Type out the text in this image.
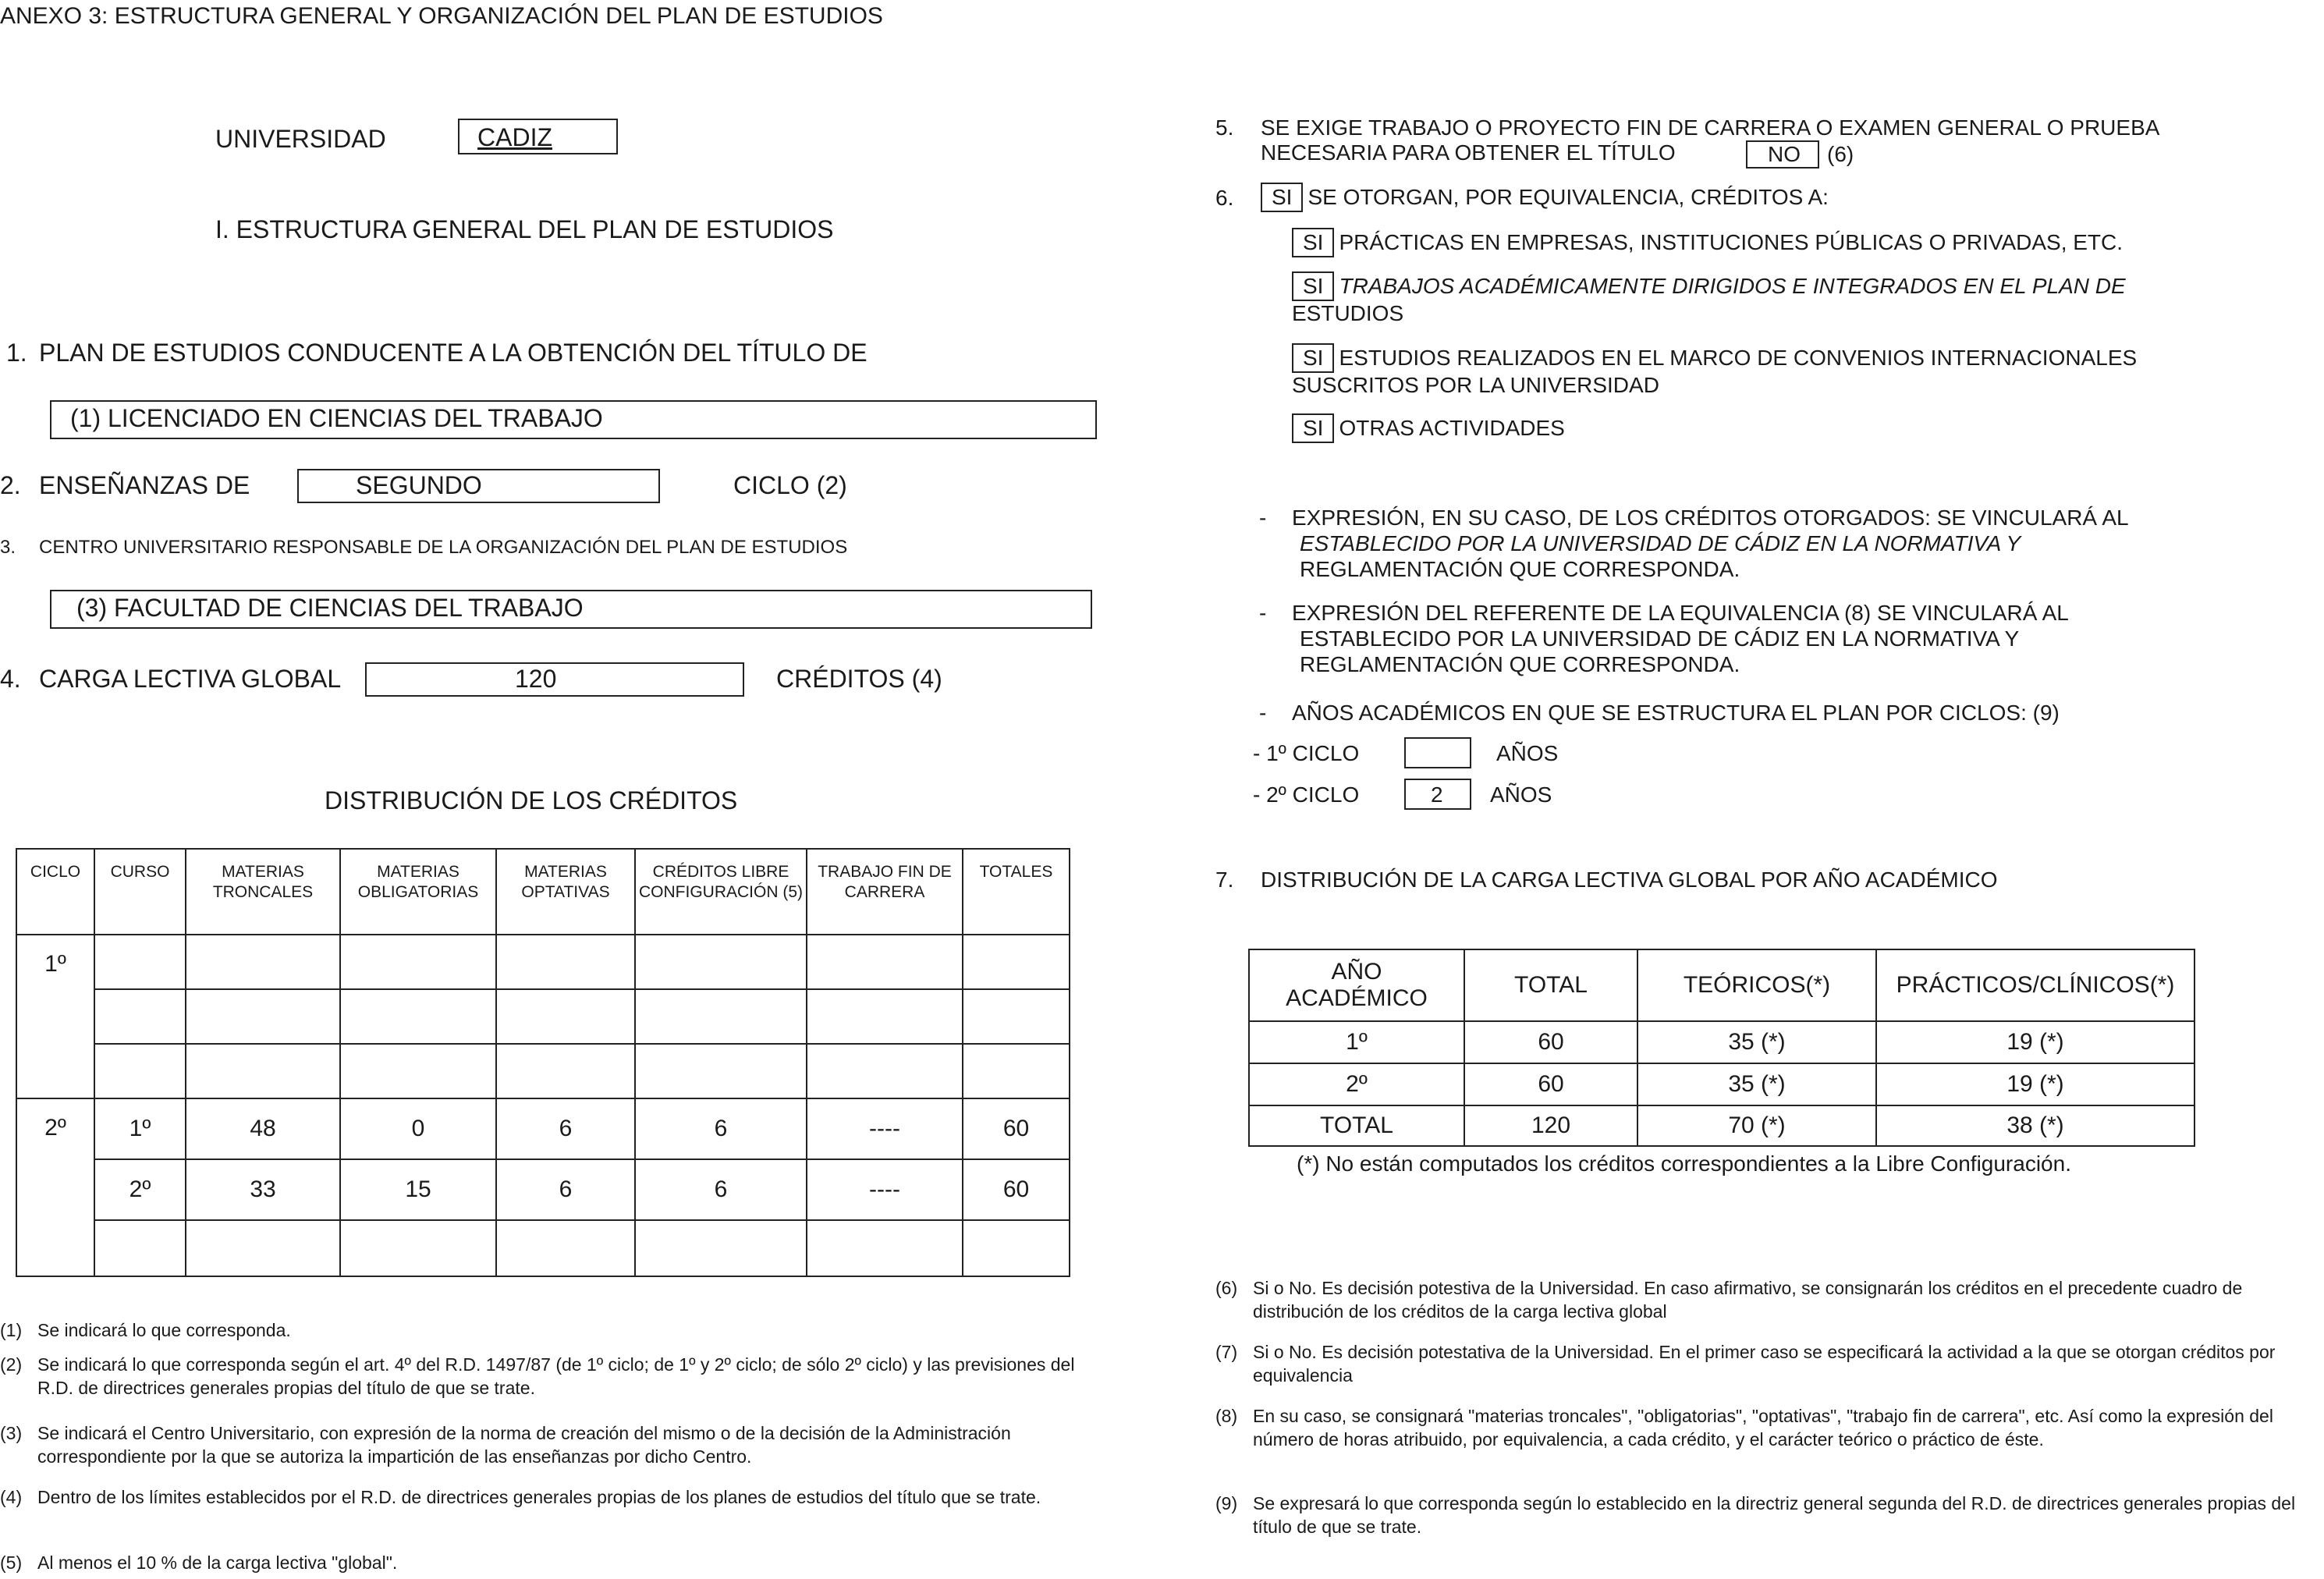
ANEXO 3: ESTRUCTURA GENERAL Y ORGANIZACIÓN DEL PLAN DE ESTUDIOS
UNIVERSIDAD	CADIZ
I. ESTRUCTURA GENERAL DEL PLAN DE ESTUDIOS
1. PLAN DE ESTUDIOS CONDUCENTE A LA OBTENCIÓN DEL TÍTULO DE
(1) LICENCIADO EN CIENCIAS DEL TRABAJO
2. ENSEÑANZAS DE	SEGUNDO	CICLO (2)
3. CENTRO UNIVERSITARIO RESPONSABLE DE LA ORGANIZACIÓN DEL PLAN DE ESTUDIOS
(3) FACULTAD DE CIENCIAS DEL TRABAJO
4. CARGA LECTIVA GLOBAL	120	CRÉDITOS (4)
DISTRIBUCIÓN DE LOS CRÉDITOS
CICLO	CURSO	MATERIAS TRONCALES	MATERIAS OBLIGATORIAS	MATERIAS OPTATIVAS	CRÉDITOS LIBRE CONFIGURACIÓN (5)	TRABAJO FIN DE CARRERA	TOTALES
1º							

2º	1º	48	0	6	6	----	60
	2º	33	15	6	6	----	60

(1) Se indicará lo que corresponda.
(2) Se indicará lo que corresponda según el art. 4º del R.D. 1497/87 (de 1º ciclo; de 1º y 2º ciclo; de sólo 2º ciclo) y las previsiones del R.D. de directrices generales propias del título de que se trate.
(3) Se indicará el Centro Universitario, con expresión de la norma de creación del mismo o de la decisión de la Administración correspondiente por la que se autoriza la impartición de las enseñanzas por dicho Centro.
(4) Dentro de los límites establecidos por el R.D. de directrices generales propias de los planes de estudios del título que se trate.
(5) Al menos el 10 % de la carga lectiva "global".
5. SE EXIGE TRABAJO O PROYECTO FIN DE CARRERA O EXAMEN GENERAL O PRUEBA
NECESARIA PARA OBTENER EL TÍTULO	NO (6)
6.	SI SE OTORGAN, POR EQUIVALENCIA, CRÉDITOS A:
SI PRÁCTICAS EN EMPRESAS, INSTITUCIONES PÚBLICAS O PRIVADAS, ETC.
SI TRABAJOS ACADÉMICAMENTE DIRIGIDOS E INTEGRADOS EN EL PLAN DE
ESTUDIOS
SI ESTUDIOS REALIZADOS EN EL MARCO DE CONVENIOS INTERNACIONALES
SUSCRITOS POR LA UNIVERSIDAD
SI OTRAS ACTIVIDADES
- EXPRESIÓN, EN SU CASO, DE LOS CRÉDITOS OTORGADOS: SE VINCULARÁ AL
ESTABLECIDO POR LA UNIVERSIDAD DE CÁDIZ EN LA NORMATIVA Y
REGLAMENTACIÓN QUE CORRESPONDA.
- EXPRESIÓN DEL REFERENTE DE LA EQUIVALENCIA (8) SE VINCULARÁ AL
ESTABLECIDO POR LA UNIVERSIDAD DE CÁDIZ EN LA NORMATIVA Y
REGLAMENTACIÓN QUE CORRESPONDA.
- AÑOS ACADÉMICOS EN QUE SE ESTRUCTURA EL PLAN POR CICLOS: (9)
- 1º CICLO	AÑOS
- 2º CICLO	2 AÑOS
7. DISTRIBUCIÓN DE LA CARGA LECTIVA GLOBAL POR AÑO ACADÉMICO
AÑO ACADÉMICO	TOTAL	TEÓRICOS(*)	PRÁCTICOS/CLÍNICOS(*)
1º	60	35 (*)	19 (*)
2º	60	35 (*)	19 (*)
TOTAL	120	70 (*)	38 (*)
(*) No están computados los créditos correspondientes a la Libre Configuración.
(6) Si o No. Es decisión potestiva de la Universidad. En caso afirmativo, se consignarán los créditos en el precedente cuadro de distribución de los créditos de la carga lectiva global
(7) Si o No. Es decisión potestativa de la Universidad. En el primer caso se especificará la actividad a la que se otorgan créditos por equivalencia
(8) En su caso, se consignará "materias troncales", "obligatorias", "optativas", "trabajo fin de carrera", etc. Así como la expresión del número de horas atribuido, por equivalencia, a cada crédito, y el carácter teórico o práctico de éste.
(9) Se expresará lo que corresponda según lo establecido en la directriz general segunda del R.D. de directrices generales propias del título de que se trate.
